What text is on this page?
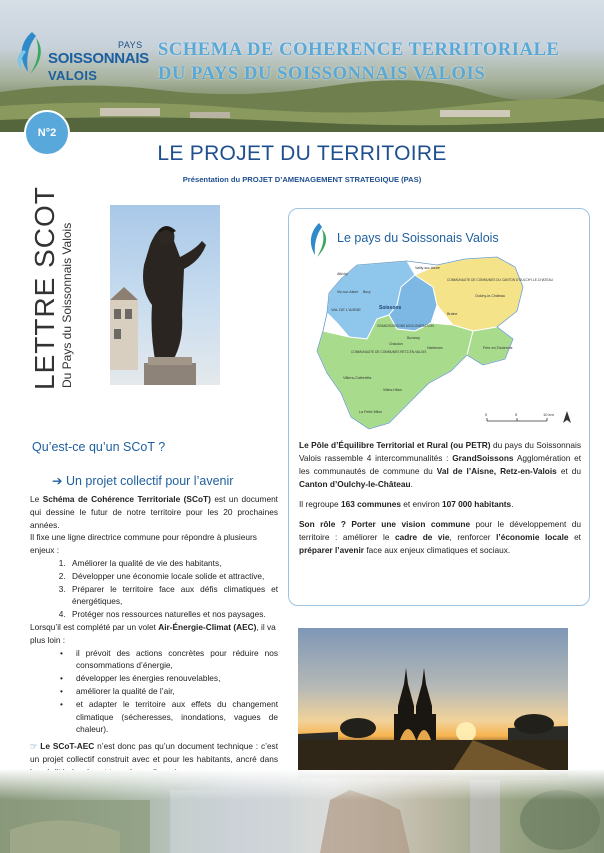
PAYS
SOISSONNAIS
VALOIS
SCHEMA DE COHERENCE TERRITORIALE
DU PAYS DU SOISSONNAIS VALOIS
N°2
LE PROJET DU TERRITOIRE
Présentation du PROJET D’AMENAGEMENT STRATEGIQUE (PAS)
LETTRE SCOT Du Pays du Soissonnais Valois	Le pays du Soissonais Valois
VAL DE L'AISNE	Soissons
GRANDSOISSONS AGGLOMERATION
COMMUNAUTE DE COMMUNES RETZ-EN-VALOIS
COMMUNAUTE DE COMMUNES DU CANTON D'OULCHY-LE-CHATEAU
Villers-Cotterêts
Oulchy-le-Château
Vic-sur-Aisne
Braine
La Ferté-Milon
Attichy
Vailly-sur-Aisne
Fère-en-Tardenois
Buzancy
Chaudun
Hartennes
Bucy
Villers-Hélon
0	5	10 km

Le Pôle d’Équilibre Territorial et Rural (ou PETR) du pays du Soissonnais Valois rassemble 4 intercommunalités : GrandSoissons Agglomération et les communautés de commune du Val de l’Aisne, Retz-en-Valois et du Canton d’Oulchy-le-Château.

Il regroupe 163 communes et environ 107 000 habitants.

Son rôle ? Porter une vision commune pour le développement du territoire : améliorer le cadre de vie, renforcer l’économie locale et préparer l’avenir face aux enjeux climatiques et sociaux.

Qu’est-ce qu’un SCoT ?
➔ Un projet collectif pour l’avenir

Le Schéma de Cohérence Territoriale (SCoT) est un document qui dessine le futur de notre territoire pour les 20 prochaines années.

Il fixe une ligne directrice commune pour répondre à plusieurs enjeux :

1. Améliorer la qualité de vie des habitants,
2. Développer une économie locale solide et attractive,
3. Préparer le territoire face aux défis climatiques et énergétiques,
4. Protéger nos ressources naturelles et nos paysages.

Lorsqu’il est complété par un volet Air-Énergie-Climat (AEC), il va plus loin :

• il prévoit des actions concrètes pour réduire nos consommations d’énergie,
• développer les énergies renouvelables,
• améliorer la qualité de l’air,
• et adapter le territoire aux effets du changement climatique (sécheresses, inondations, vagues de chaleur).

☞ Le SCoT-AEC n’est donc pas qu’un document technique : c’est un projet collectif construit avec et pour les habitants, ancré dans
